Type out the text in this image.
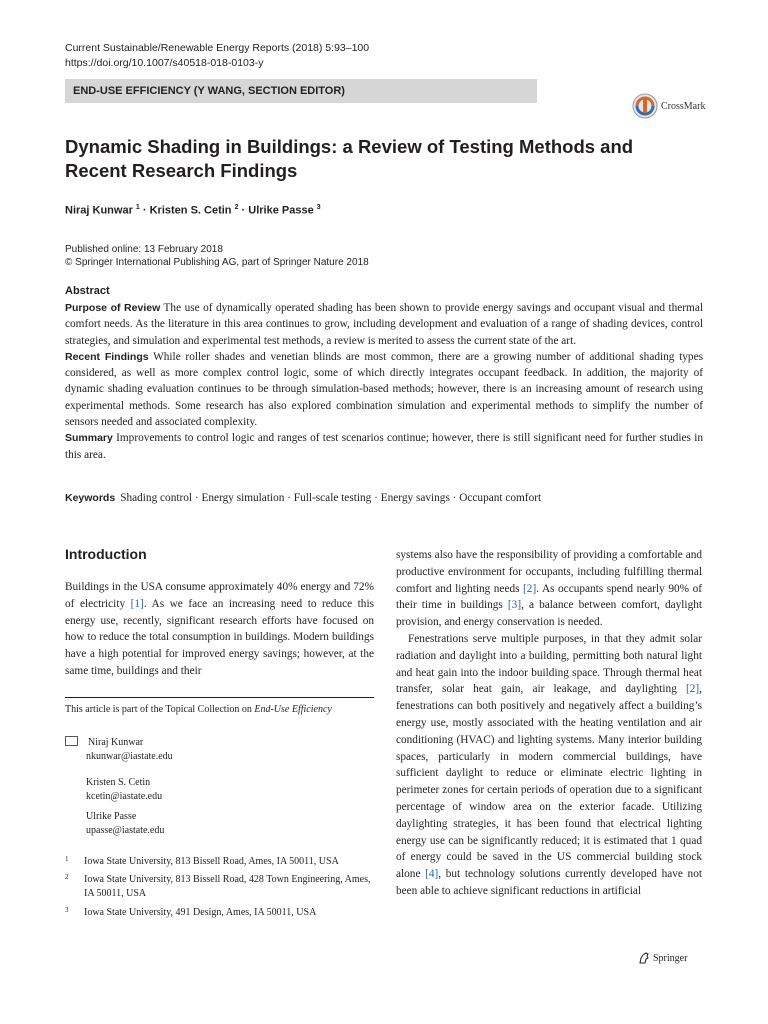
Current Sustainable/Renewable Energy Reports (2018) 5:93–100
https://doi.org/10.1007/s40518-018-0103-y
END-USE EFFICIENCY (Y WANG, SECTION EDITOR)
CrossMark
Dynamic Shading in Buildings: a Review of Testing Methods and Recent Research Findings
Niraj Kunwar $^1$ · Kristen S. Cetin $^2$ · Ulrike Passe $^3$
Published online: 13 February 2018
© Springer International Publishing AG, part of Springer Nature 2018
Abstract

Purpose of Review The use of dynamically operated shading has been shown to provide energy savings and occupant visual and thermal comfort needs. As the literature in this area continues to grow, including development and evaluation of a range of shading devices, control strategies, and simulation and experimental test methods, a review is merited to assess the current state of the art.

Recent Findings While roller shades and venetian blinds are most common, there are a growing number of additional shading types considered, as well as more complex control logic, some of which directly integrates occupant feedback. In addition, the majority of dynamic shading evaluation continues to be through simulation-based methods; however, there is an increasing amount of research using experimental methods. Some research has also explored combination simulation and experimental methods to simplify the number of sensors needed and associated complexity.

Summary Improvements to control logic and ranges of test scenarios continue; however, there is still significant need for further studies in this area.

Keywords Shading control · Energy simulation · Full-scale testing · Energy savings · Occupant comfort
Introduction

Buildings in the USA consume approximately 40% energy and 72% of electricity [1]. As we face an increasing need to reduce this energy use, recently, significant research efforts have focused on how to reduce the total consumption in buildings. Modern buildings have a high potential for improved energy savings; however, at the same time, buildings and their

This article is part of the Topical Collection on End-Use Efficiency
Niraj Kunwar
nkunwar@iastate.edu
Kristen S. Cetin
kcetin@iastate.edu
Ulrike Passe
upasse@iastate.edu
1 Iowa State University, 813 Bissell Road, Ames, IA 50011, USA
2 Iowa State University, 813 Bissell Road, 428 Town Engineering, Ames, IA 50011, USA
3 Iowa State University, 491 Design, Ames, IA 50011, USA

systems also have the responsibility of providing a comfortable and productive environment for occupants, including fulfilling thermal comfort and lighting needs [2]. As occupants spend nearly 90% of their time in buildings [3], a balance between comfort, daylight provision, and energy conservation is needed.

Fenestrations serve multiple purposes, in that they admit solar radiation and daylight into a building, permitting both natural light and heat gain into the indoor building space. Through thermal heat transfer, solar heat gain, air leakage, and daylighting [2], fenestrations can both positively and negatively affect a building’s energy use, mostly associated with the heating ventilation and air conditioning (HVAC) and lighting systems. Many interior building spaces, particularly in modern commercial buildings, have sufficient daylight to reduce or eliminate electric lighting in perimeter zones for certain periods of operation due to a significant percentage of window area on the exterior facade. Utilizing daylighting strategies, it has been found that electrical lighting energy use can be significantly reduced; it is estimated that 1 quad of energy could be saved in the US commercial building stock alone [4], but technology solutions currently developed have not been able to achieve significant reductions in artificial

Springer
